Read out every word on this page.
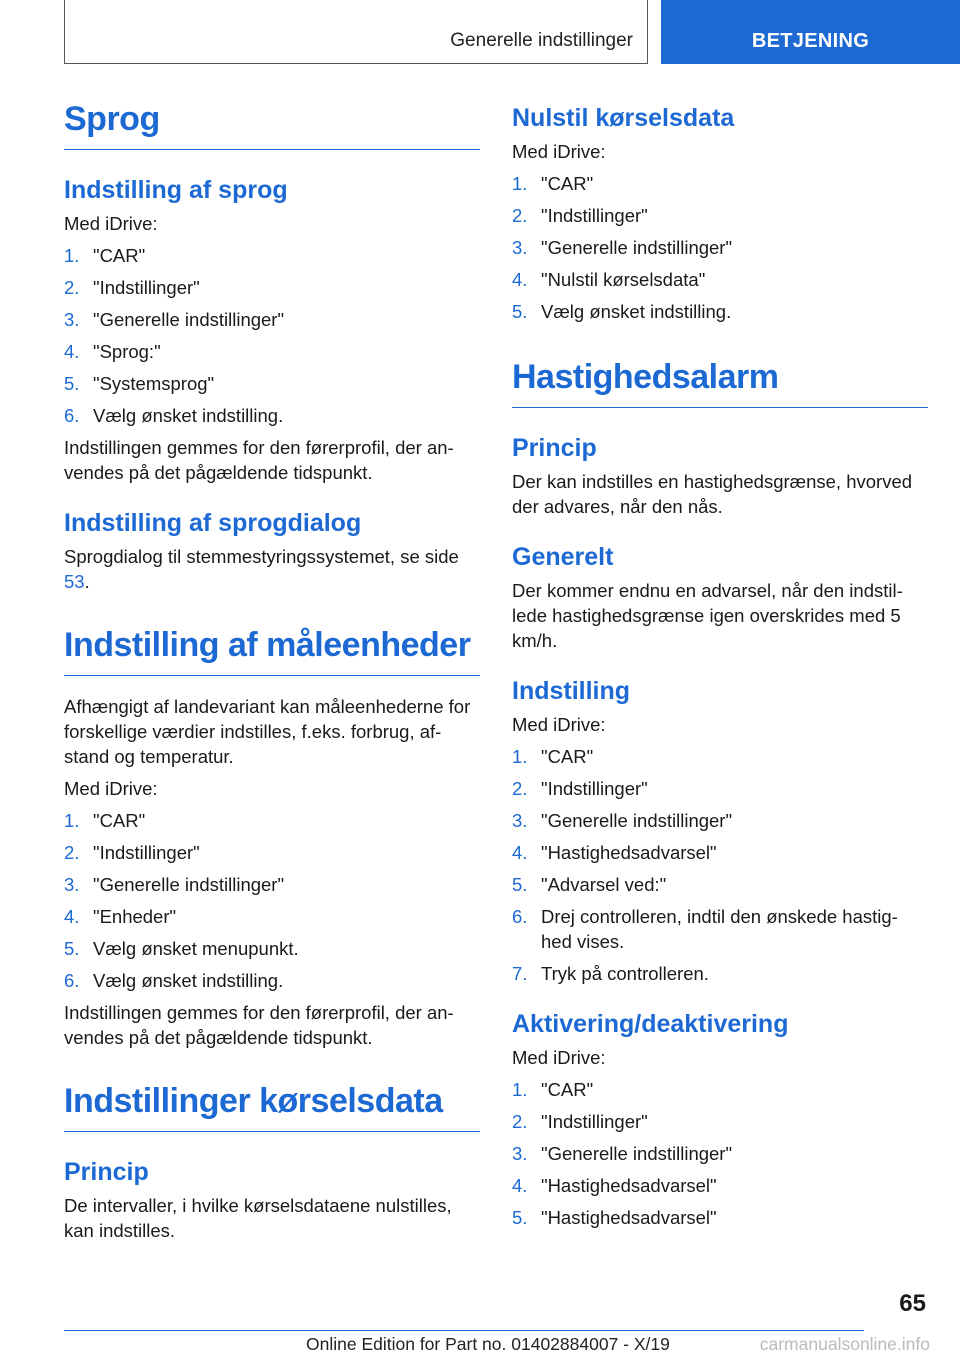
Generelle indstillinger	BETJENING
Sprog
Indstilling af sprog

Med iDrive:

1. "CAR"
2. "Indstillinger"
3. "Generelle indstillinger"
4. "Sprog:"
5. "Systemsprog"
6. Vælg ønsket indstilling.

Indstillingen gemmes for den førerprofil, der an-vendes på det pågældende tidspunkt.

Indstilling af sprogdialog

Sprogdialog til stemmestyringssystemet, se side 53.

Indstilling af måleenheder

Afhængigt af landevariant kan måleenhederne for forskellige værdier indstilles, f.eks. forbrug, af-stand og temperatur.

Med iDrive:

1. "CAR"
2. "Indstillinger"
3. "Generelle indstillinger"
4. "Enheder"
5. Vælg ønsket menupunkt.
6. Vælg ønsket indstilling.

Indstillingen gemmes for den førerprofil, der an-vendes på det pågældende tidspunkt.

Indstillinger kørselsdata
Princip

De intervaller, i hvilke kørselsdataene nulstilles, kan indstilles.

Nulstil kørselsdata

Med iDrive:

1. "CAR"
2. "Indstillinger"
3. "Generelle indstillinger"
4. "Nulstil kørselsdata"
5. Vælg ønsket indstilling.
Hastighedsalarm
Princip

Der kan indstilles en hastighedsgrænse, hvorved der advares, når den nås.

Generelt

Der kommer endnu en advarsel, når den indstil-lede hastighedsgrænse igen overskrides med 5 km/h.

Indstilling

Med iDrive:

1. "CAR"
2. "Indstillinger"
3. "Generelle indstillinger"
4. "Hastighedsadvarsel"
5. "Advarsel ved:"
6. Drej controlleren, indtil den ønskede hastig-hed vises.
7. Tryk på controlleren.
Aktivering/deaktivering

Med iDrive:

1. "CAR"
2. "Indstillinger"
3. "Generelle indstillinger"
4. "Hastighedsadvarsel"
5. "Hastighedsadvarsel"
65
Online Edition for Part no. 01402884007 - X/19	carmanualsonline.info
